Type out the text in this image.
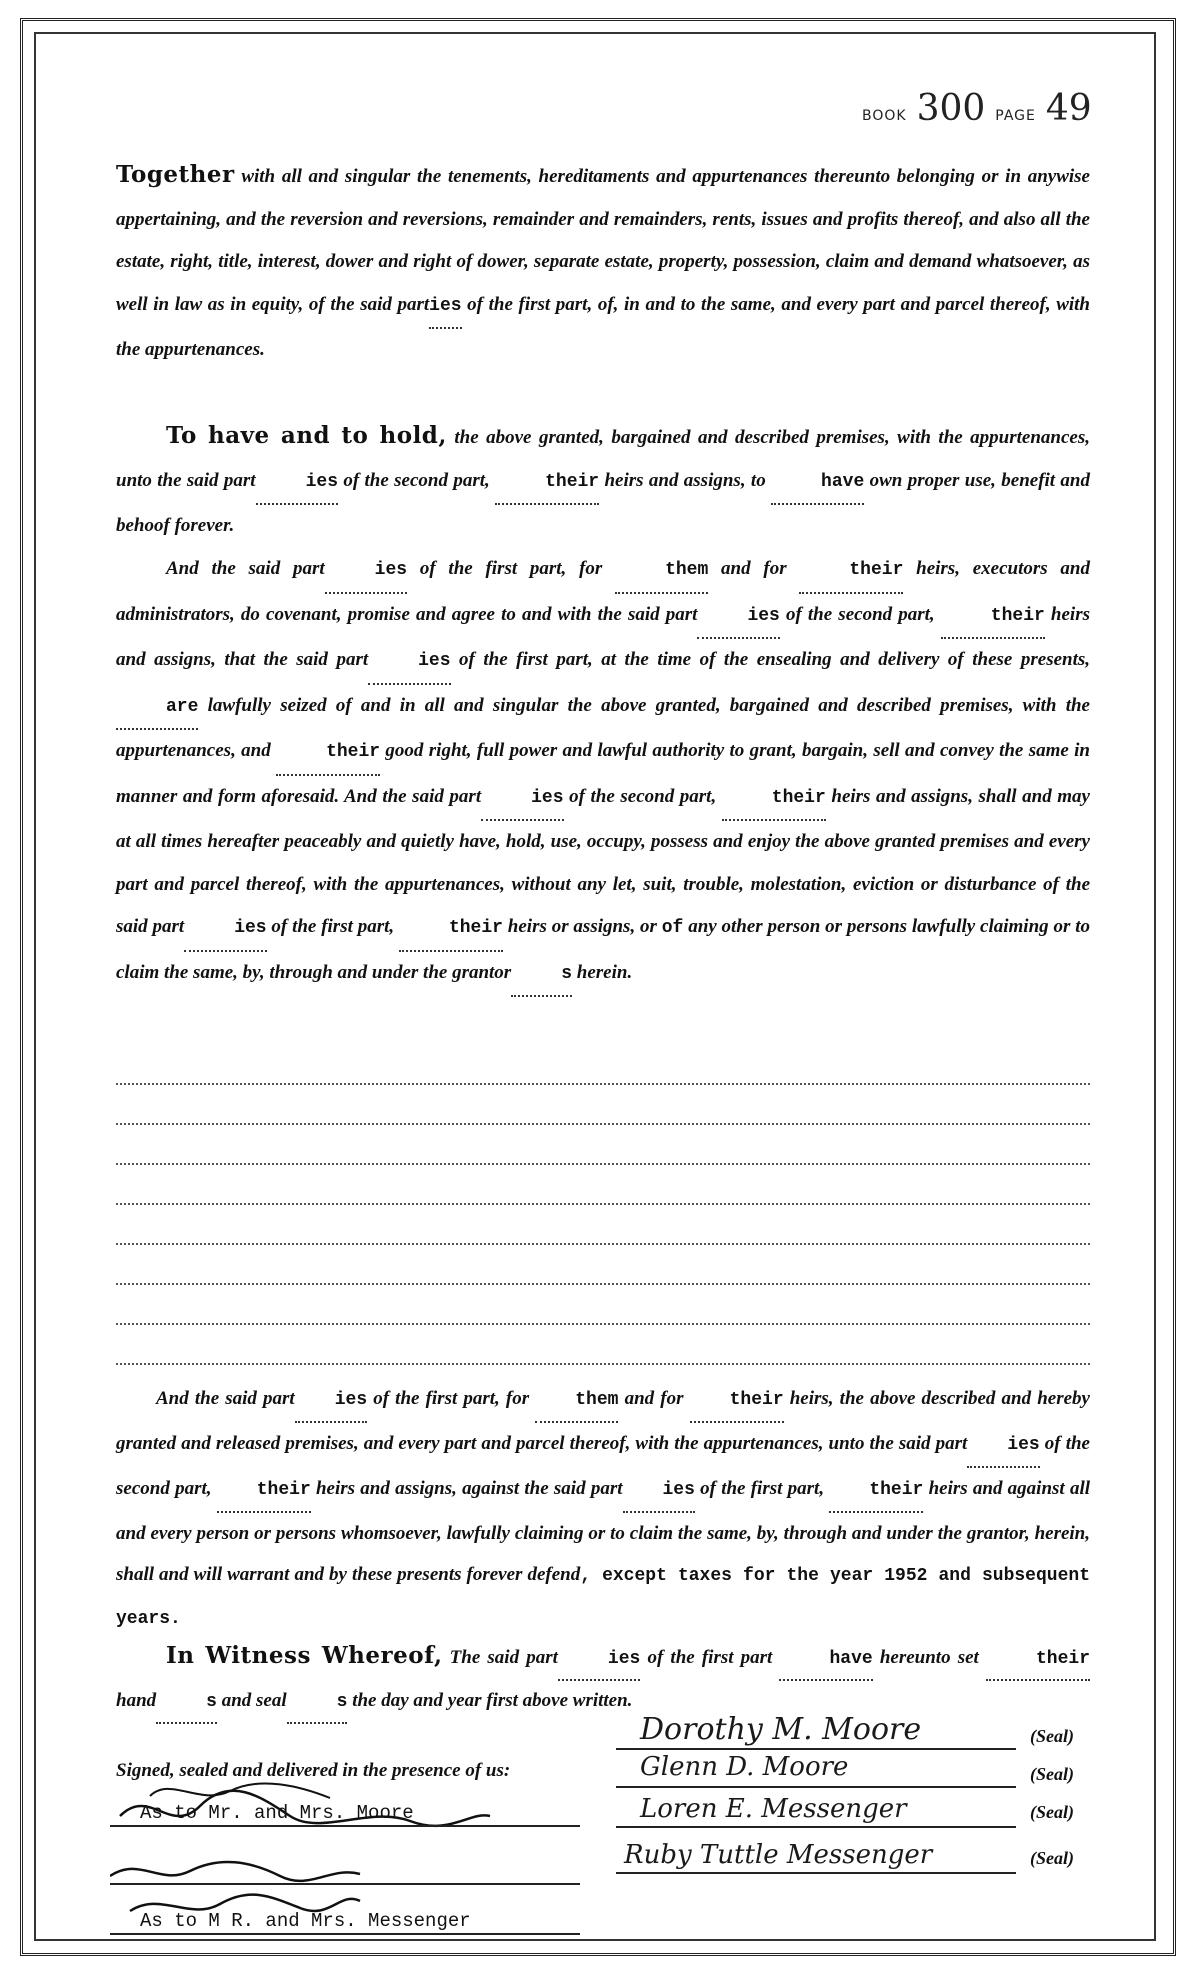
BOOK 300 PAGE 49
Together with all and singular the tenements, hereditaments and appurtenances thereunto belonging or in anywise appertaining, and the reversion and reversions, remainder and remainders, rents, issues and profits thereof, and also all the estate, right, title, interest, dower and right of dower, separate estate, property, possession, claim and demand whatsoever, as well in law as in equity, of the said parties of the first part, of, in and to the same, and every part and parcel thereof, with the appurtenances.
To have and to hold, the above granted, bargained and described premises, with the appurtenances, unto the said part	ies of the second part,	their heirs and assigns, to	have own proper use, benefit and behoof forever.
And the said part	ies of the first part, for	them and for	their heirs, executors and administrators, do covenant, promise and agree to and with the said part	ies of the second part,	their heirs and assigns, that the said part	ies of the first part, at the time of the ensealing and delivery of these presents, are lawfully seized of and in all and singular the above granted, bargained and described premises, with the appurtenances, and	their good right, full power and lawful authority to grant, bargain, sell and convey the same in manner and form aforesaid. And the said part	ies of the second part,	their heirs and assigns, shall and may at all times hereafter peaceably and quietly have, hold, use, occupy, possess and enjoy the above granted premises and every part and parcel thereof, with the appurtenances, without any let, suit, trouble, molestation, eviction or disturbance of the said part	ies of the first part,	their heirs or assigns, or of any other person or persons lawfully claiming or to claim the same, by, through and under the grantor	s herein.
And the said part ies of the first part, for them and for their heirs, the above described and hereby granted and released premises, and every part and parcel thereof, with the appurtenances, unto the said part ies of the second part, their heirs and assigns, against the said part ies of the first part, their heirs and against all and every person or persons whomsoever, lawfully claiming or to claim the same, by, through and under the grantor, herein, shall and will warrant and by these presents forever defend, except taxes for the year 1952 and subsequent years.
In Witness Whereof, The said part	ies of the first part	have hereunto set	their hand	s and seal	s the day and year first above written.
Signed, sealed and delivered in the presence of us:
Dorothy M. Moore	(Seal)
Glenn D. Moore	(Seal)
Loren E. Messenger	(Seal)
Ruby Tuttle Messenger	(Seal)
As to Mr. and Mrs. Moore
As to M R. and Mrs. Messenger
